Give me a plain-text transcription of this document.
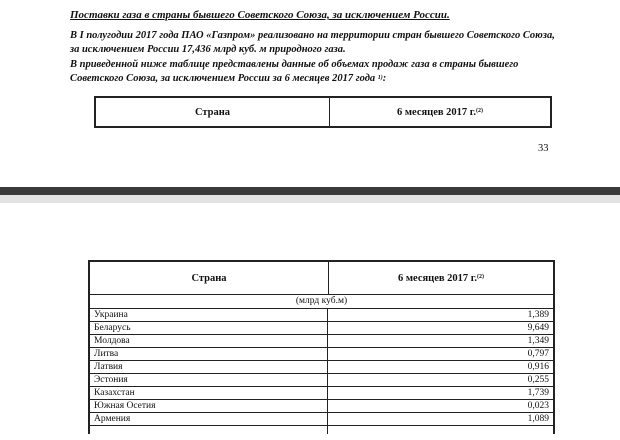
Поставки газа в страны бывшего Советского Союза, за исключением России.
В I полугодии 2017 года ПАО «Газпром» реализовано на территории стран бывшего Советского Союза, за исключением России 17,436 млрд куб. м природного газа.
В приведенной ниже таблице представлены данные об объемах продаж газа в страны бывшего Советского Союза, за исключением России за 6 месяцев 2017 года $^{1)}$:
Страна	6 месяцев 2017 г.$^{(2)}$
33
Страна	6 месяцев 2017 г.$^{(2)}$
(млрд куб.м)
Украина	1,389
Беларусь	9,649
Молдова	1,349
Литва	0,797
Латвия	0,916
Эстония	0,255
Казахстан	1,739
Южная Осетия	0,023
Армения	1,089
